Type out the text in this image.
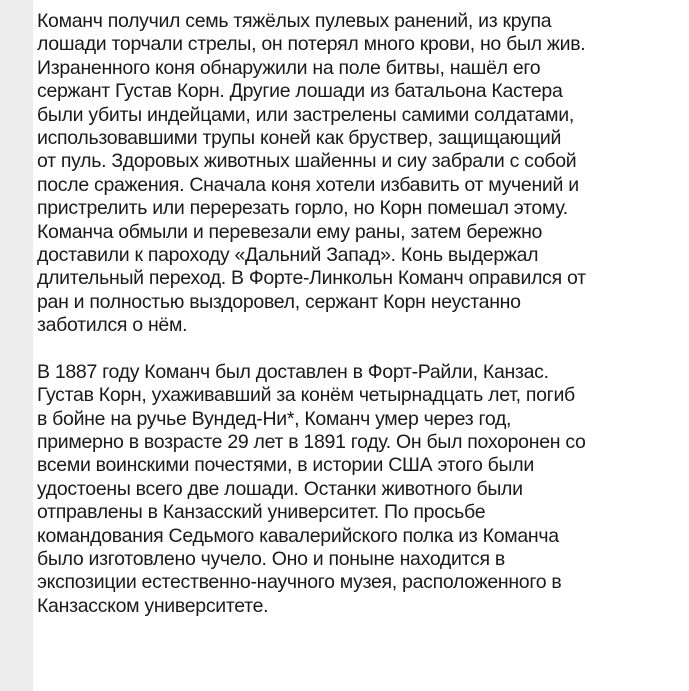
Команч получил семь тяжёлых пулевых ранений, из крупа
лошади торчали стрелы, он потерял много крови, но был жив.
Израненного коня обнаружили на поле битвы, нашёл его
сержант Густав Корн. Другие лошади из батальона Кастера
были убиты индейцами, или застрелены самими солдатами,
использовавшими трупы коней как бруствер, защищающий
от пуль. Здоровых животных шайенны и сиу забрали с собой
после сражения. Сначала коня хотели избавить от мучений и
пристрелить или перерезать горло, но Корн помешал этому.
Команча обмыли и перевезали ему раны, затем бережно
доставили к пароходу «Дальний Запад». Конь выдержал
длительный переход. В Форте-Линкольн Команч оправился от
ран и полностью выздоровел, сержант Корн неустанно
заботился о нём.
В 1887 году Команч был доставлен в Форт-Райли, Канзас.
Густав Корн, ухаживавший за конём четырнадцать лет, погиб
в бойне на ручье Вундед-Ни*, Команч умер через год,
примерно в возрасте 29 лет в 1891 году. Он был похоронен со
всеми воинскими почестями, в истории США этого были
удостоены всего две лошади. Останки животного были
отправлены в Канзасский университет. По просьбе
командования Седьмого кавалерийского полка из Команча
было изготовлено чучело. Оно и поныне находится в
экспозиции естественно-научного музея, расположенного в
Канзасском университете.
